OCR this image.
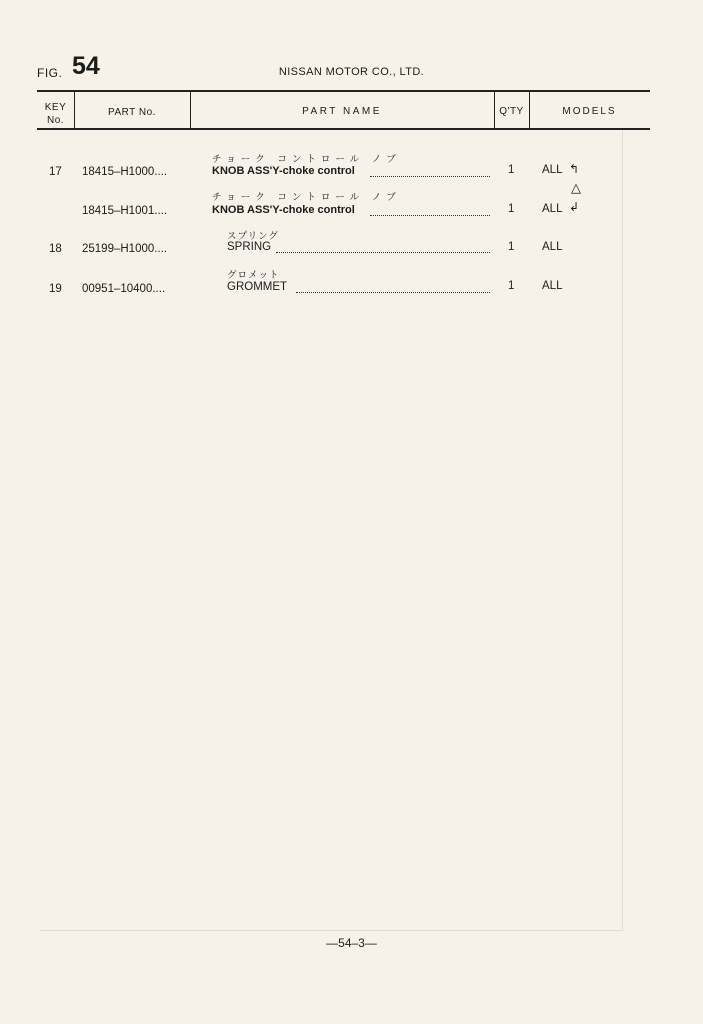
FIG. 54	NISSAN MOTOR CO., LTD.
KEY
No.
PART No.	PART NAME	Q'TY	MODELS
17 18415–H1000....
チョーク コントロール ノブ
KNOB ASS'Y-choke control	1 ALL
18415–H1001....
チョーク コントロール ノブ
KNOB ASS'Y-choke control	1 ALL
↰
△
↲
18 25199–H1000....
スプリング
SPRING	1 ALL
19 00951–10400....
グロメット
GROMMET	1 ALL
—54–3—
